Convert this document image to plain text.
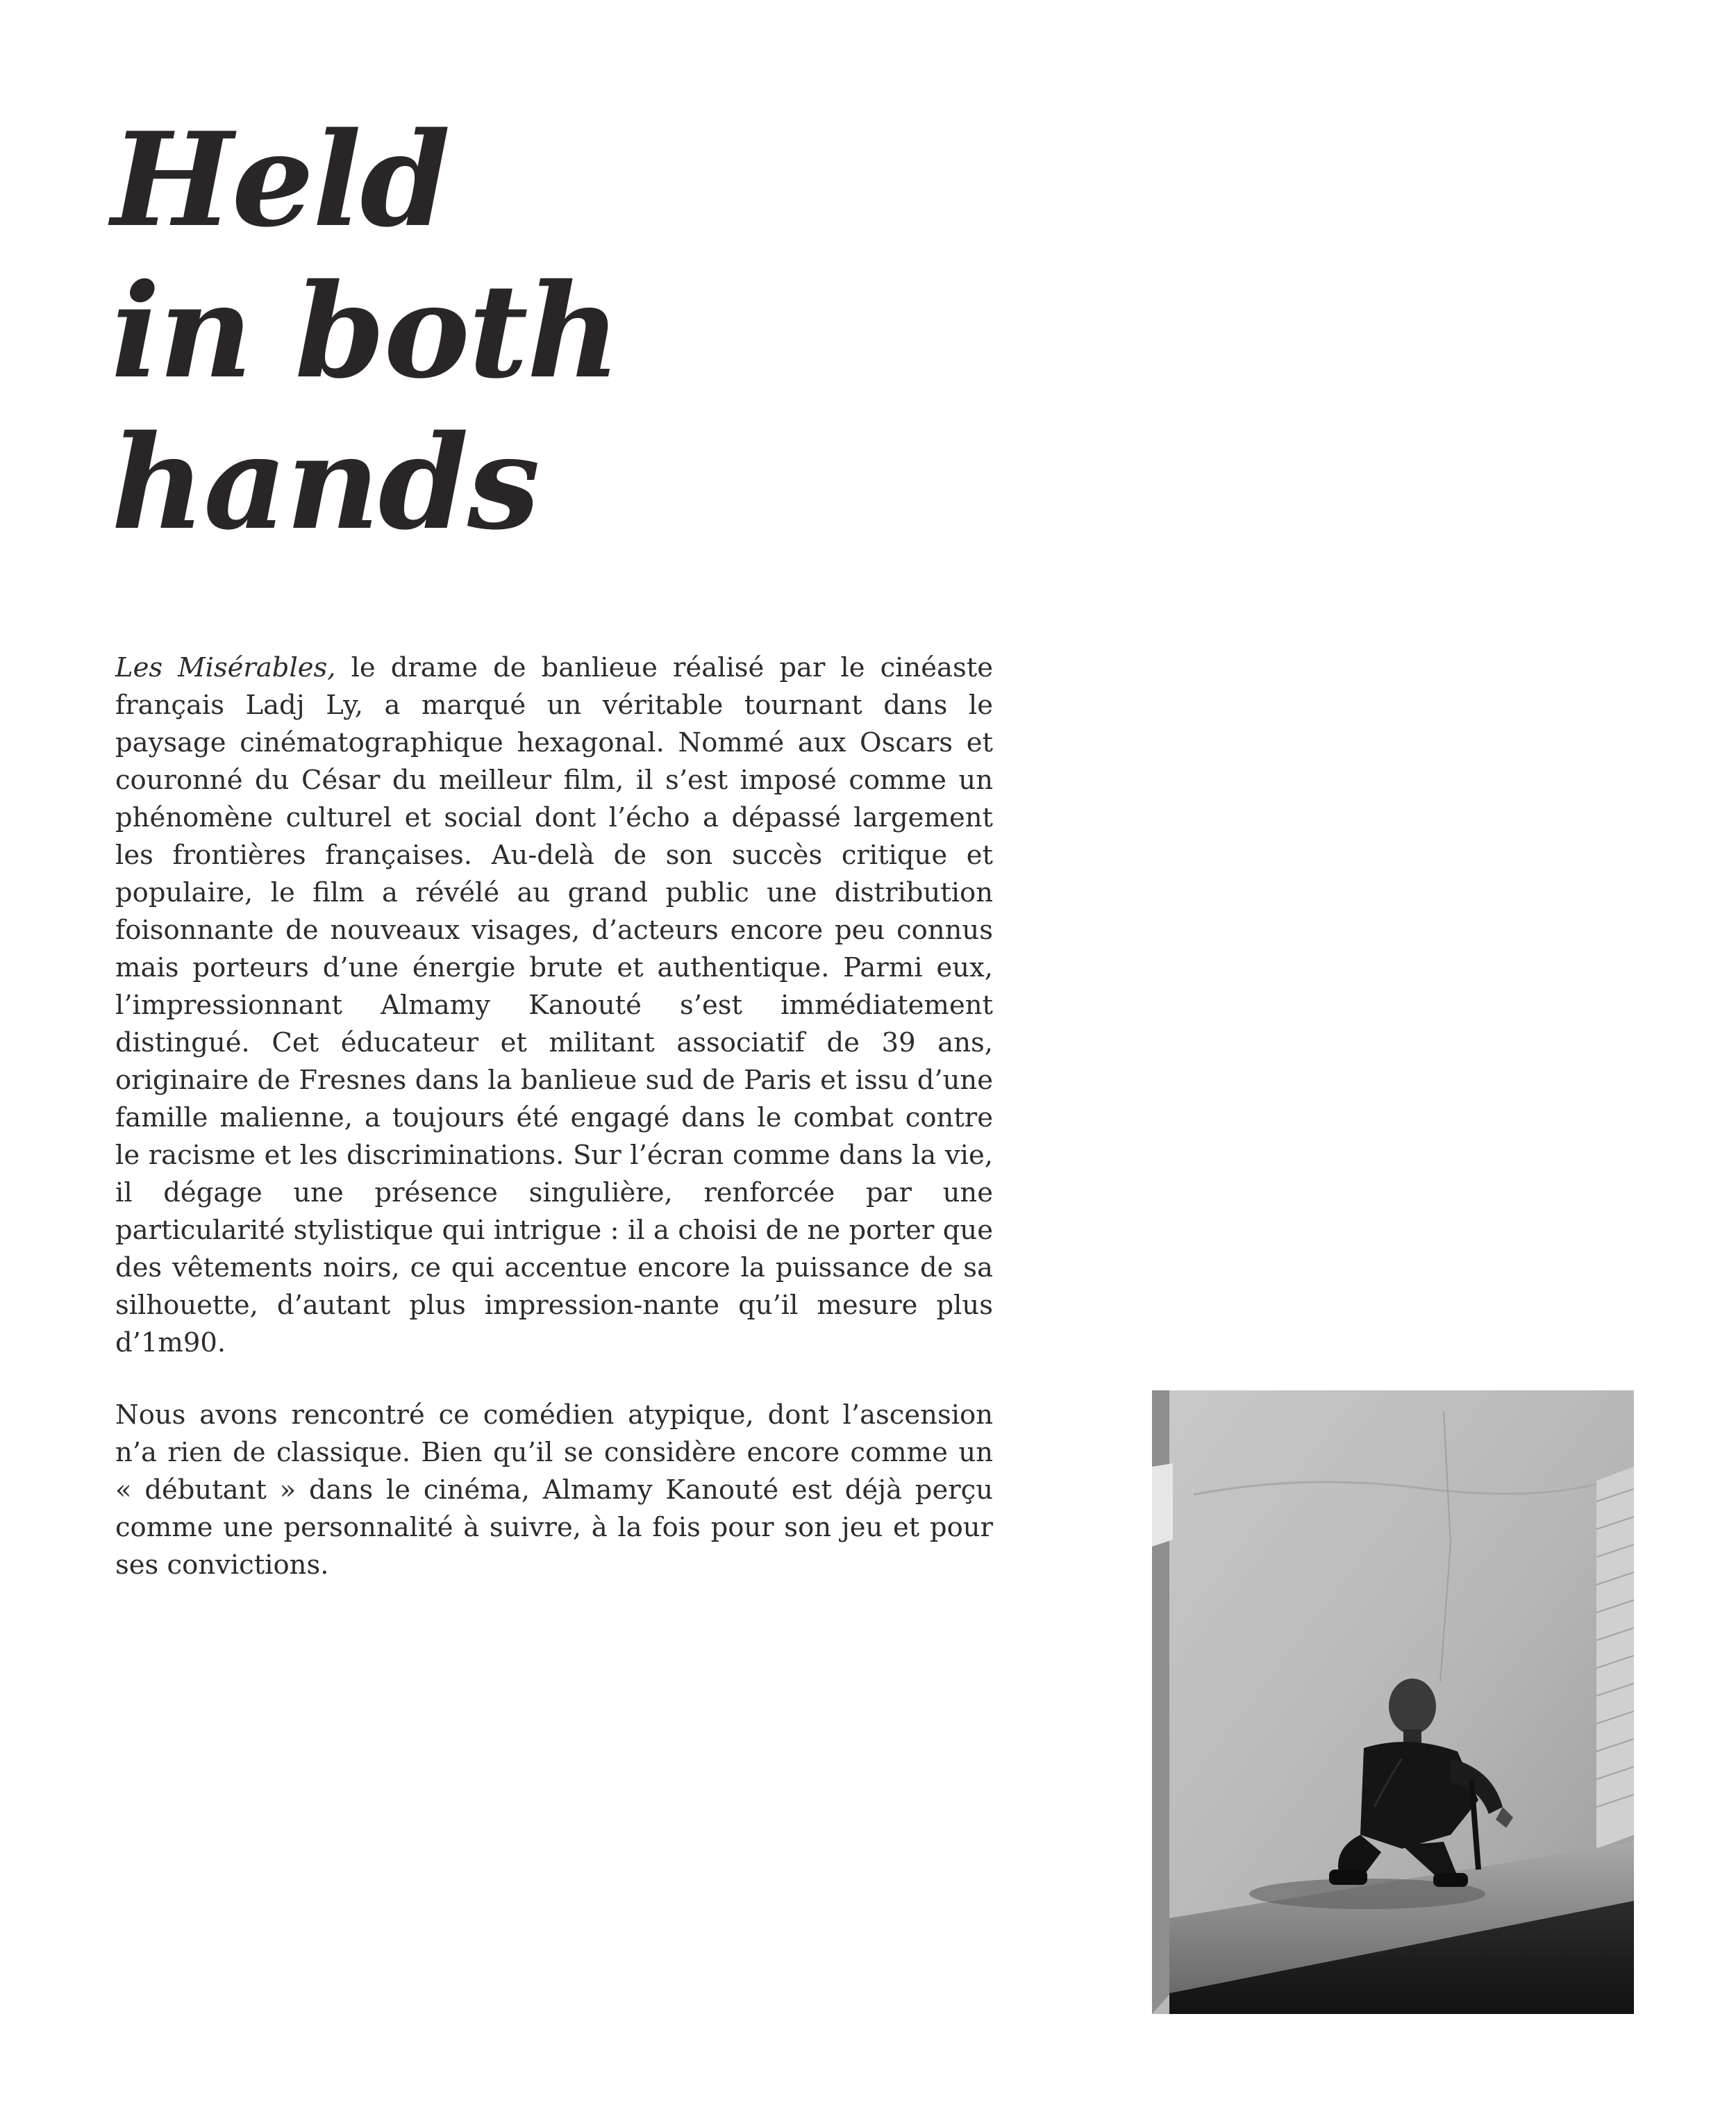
Held
in both
hands

Les Misérables, le drame de banlieue réalisé par le cinéaste français Ladj Ly, a marqué un véritable tournant dans le paysage cinématographique hexagonal. Nommé aux Oscars et couronné du César du meilleur film, il s’est imposé comme un phénomène culturel et social dont l’écho a dépassé largement les frontières françaises. Au-delà de son succès critique et populaire, le film a révélé au grand public une distribution foisonnante de nouveaux visages, d’acteurs encore peu connus mais porteurs d’une énergie brute et authentique. Parmi eux, l’impressionnant Almamy Kanouté s’est immédiatement distingué. Cet éducateur et militant associatif de 39 ans, originaire de Fresnes dans la banlieue sud de Paris et issu d’une famille malienne, a toujours été engagé dans le combat contre le racisme et les discriminations. Sur l’écran comme dans la vie, il dégage une présence singulière, renforcée par une particularité stylistique qui intrigue : il a choisi de ne porter que des vêtements noirs, ce qui accentue encore la puissance de sa silhouette, d’autant plus impression-nante qu’il mesure plus d’1m90.

Nous avons rencontré ce comédien atypique, dont l’ascension n’a rien de classique. Bien qu’il se considère encore comme un « débutant » dans le cinéma, Almamy Kanouté est déjà perçu comme une personnalité à suivre, à la fois pour son jeu et pour ses convictions.
